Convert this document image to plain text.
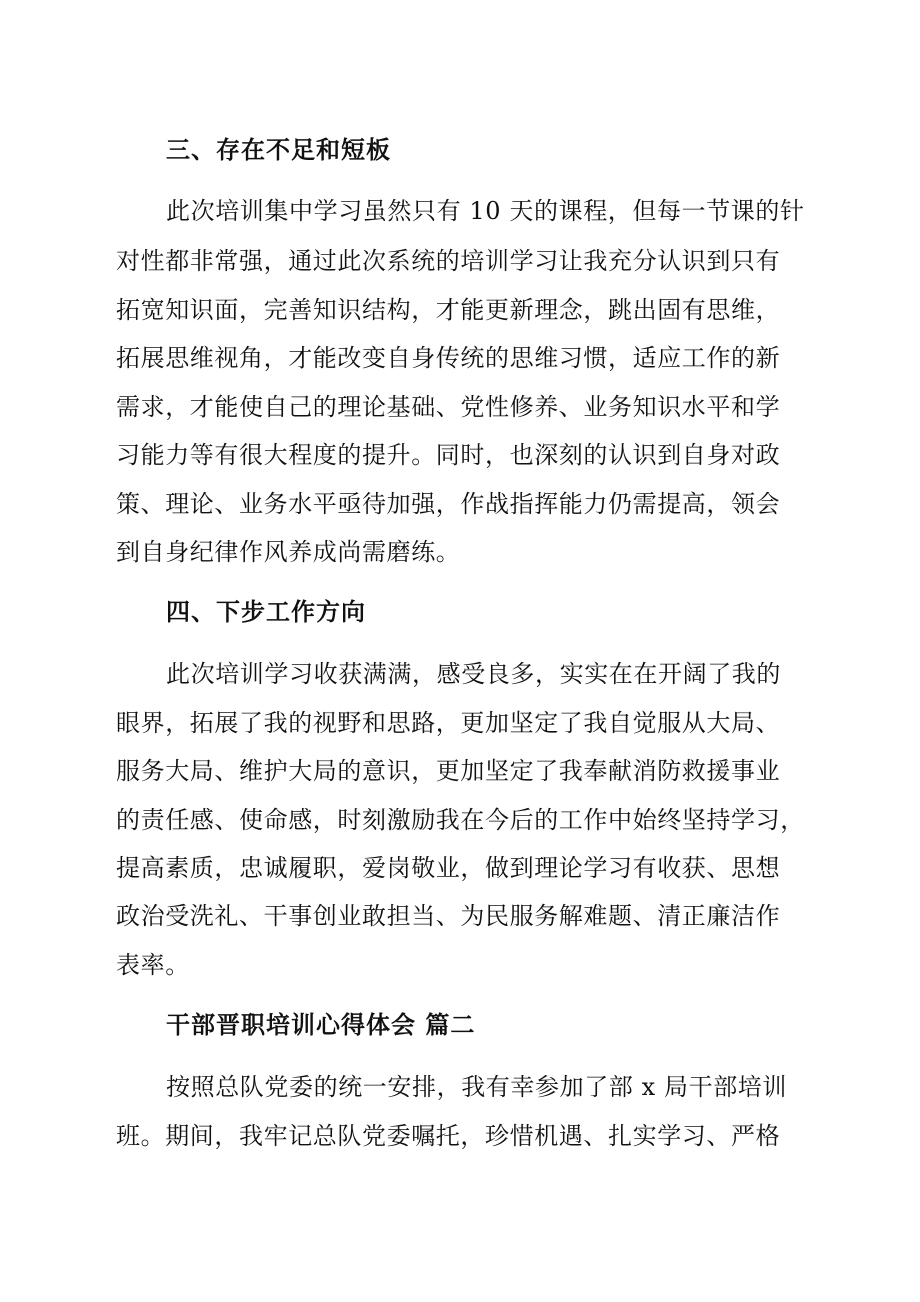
三、存在不足和短板
此次培训集中学习虽然只有 10 天的课程，但每一节课的针
对性都非常强，通过此次系统的培训学习让我充分认识到只有
拓宽知识面，完善知识结构，才能更新理念，跳出固有思维，
拓展思维视角，才能改变自身传统的思维习惯，适应工作的新
需求，才能使自己的理论基础、党性修养、业务知识水平和学
习能力等有很大程度的提升。同时，也深刻的认识到自身对政
策、理论、业务水平亟待加强，作战指挥能力仍需提高，领会
到自身纪律作风养成尚需磨练。
四、下步工作方向
此次培训学习收获满满，感受良多，实实在在开阔了我的
眼界，拓展了我的视野和思路，更加坚定了我自觉服从大局、
服务大局、维护大局的意识，更加坚定了我奉献消防救援事业
的责任感、使命感，时刻激励我在今后的工作中始终坚持学习，
提高素质，忠诚履职，爱岗敬业，做到理论学习有收获、思想
政治受洗礼、干事创业敢担当、为民服务解难题、清正廉洁作
表率。
干部晋职培训心得体会 篇二
按照总队党委的统一安排，我有幸参加了部 x 局干部培训
班。期间，我牢记总队党委嘱托，珍惜机遇、扎实学习、严格
